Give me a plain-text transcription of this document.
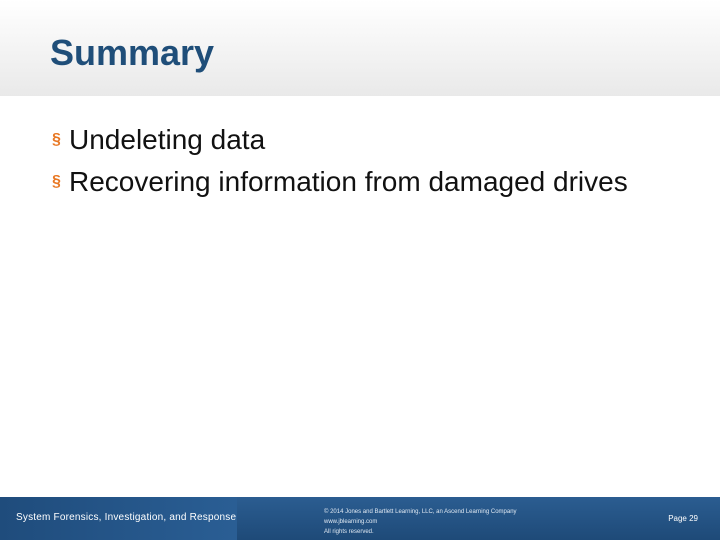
Summary
§
Undeleting data
§
Recovering information from damaged drives
System Forensics, Investigation, and Response	© 2014 Jones and Bartlett Learning, LLC, an Ascend Learning Company
www.jblearning.com
All rights reserved.
Page 29
